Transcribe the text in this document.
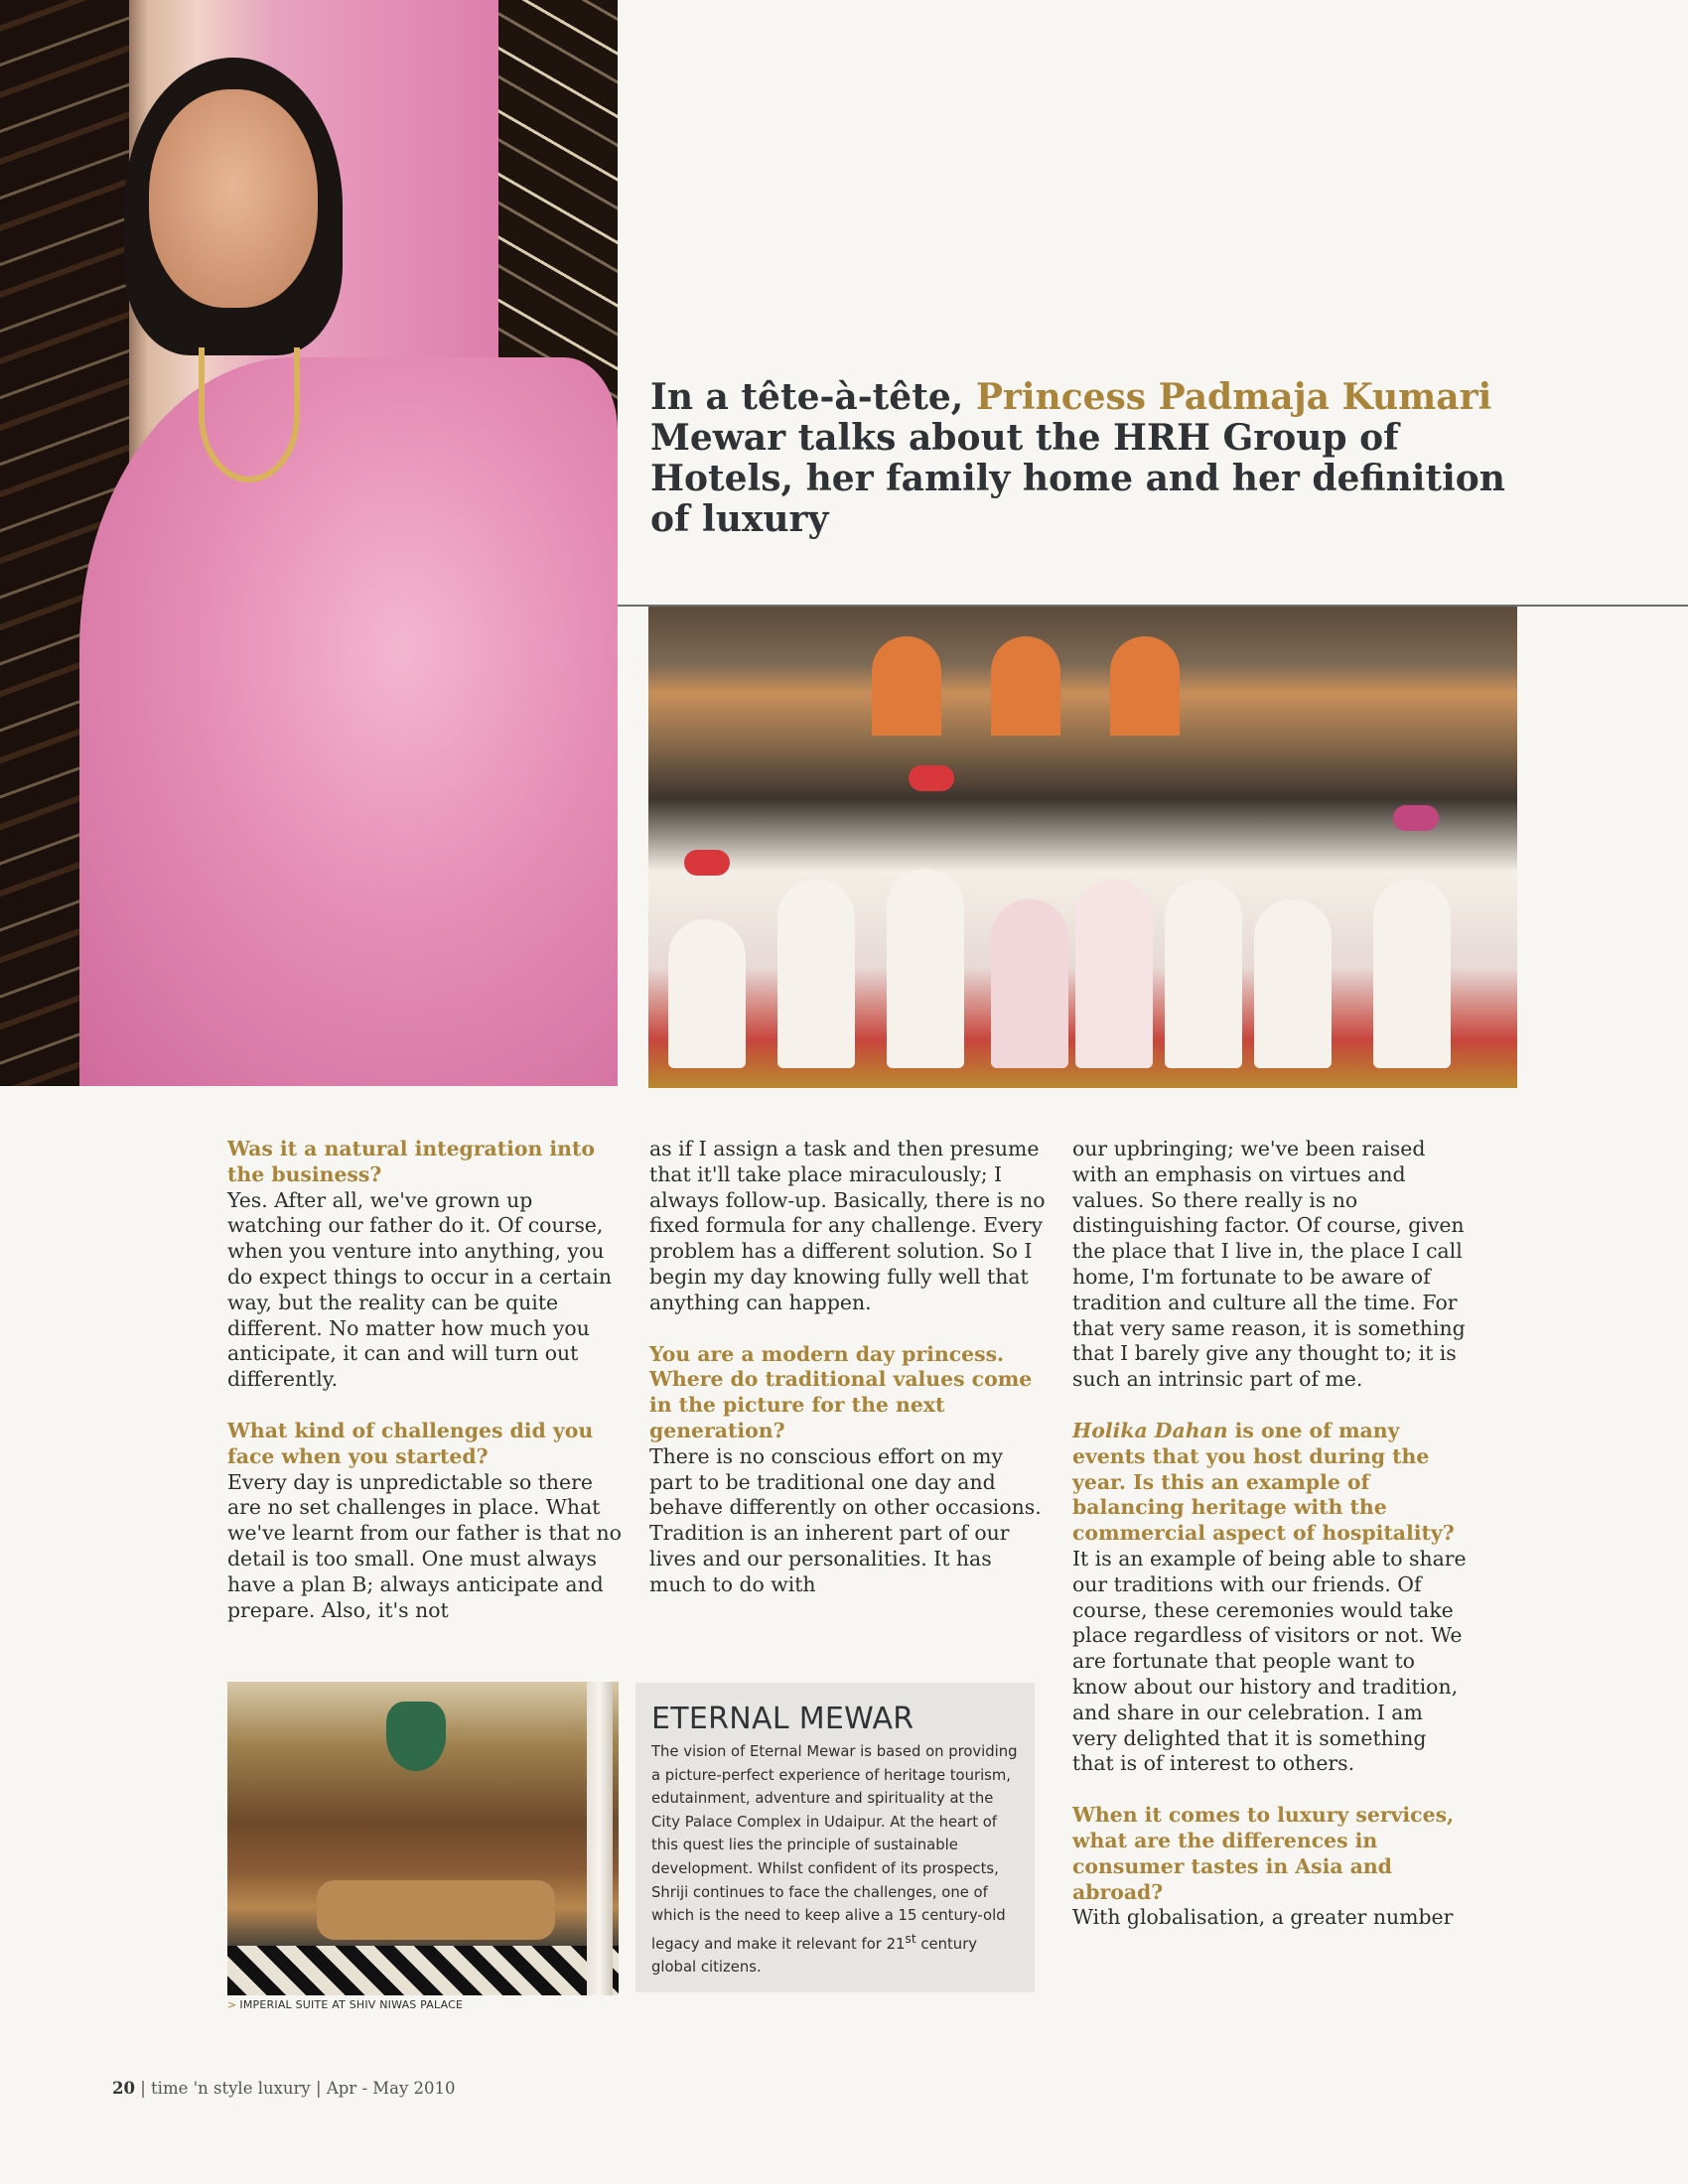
In a tête-à-tête, Princess Padmaja Kumari Mewar talks about the HRH Group of Hotels, her family home and her definition of luxury

Was it a natural integration into the business?

Yes. After all, we've grown up watching our father do it. Of course, when you venture into anything, you do expect things to occur in a certain way, but the reality can be quite different. No matter how much you anticipate, it can and will turn out differently.

What kind of challenges did you face when you started?

Every day is unpredictable so there are no set challenges in place. What we've learnt from our father is that no detail is too small. One must always have a plan B; always anticipate and prepare. Also, it's not

as if I assign a task and then presume that it'll take place miraculously; I always follow-up. Basically, there is no fixed formula for any challenge. Every problem has a different solution. So I begin my day knowing fully well that anything can happen.

You are a modern day princess. Where do traditional values come in the picture for the next generation?

There is no conscious effort on my part to be traditional one day and behave differently on other occasions. Tradition is an inherent part of our lives and our personalities. It has much to do with

our upbringing; we've been raised with an emphasis on virtues and values. So there really is no distinguishing factor. Of course, given the place that I live in, the place I call home, I'm fortunate to be aware of tradition and culture all the time. For that very same reason, it is something that I barely give any thought to; it is such an intrinsic part of me.

Holika Dahan is one of many events that you host during the year. Is this an example of balancing heritage with the commercial aspect of hospitality?

It is an example of being able to share our traditions with our friends. Of course, these ceremonies would take place regardless of visitors or not. We are fortunate that people want to know about our history and tradition, and share in our celebration. I am very delighted that it is something that is of interest to others.

When it comes to luxury services, what are the differences in consumer tastes in Asia and abroad?

With globalisation, a greater number

> IMPERIAL SUITE AT SHIV NIWAS PALACE

ETERNAL MEWAR

The vision of Eternal Mewar is based on providing a picture-perfect experience of heritage tourism, edutainment, adventure and spirituality at the City Palace Complex in Udaipur. At the heart of this quest lies the principle of sustainable development. Whilst confident of its prospects, Shriji continues to face the challenges, one of which is the need to keep alive a 15 century-old legacy and make it relevant for 21st century global citizens.

20 | time 'n style luxury | Apr - May 2010
